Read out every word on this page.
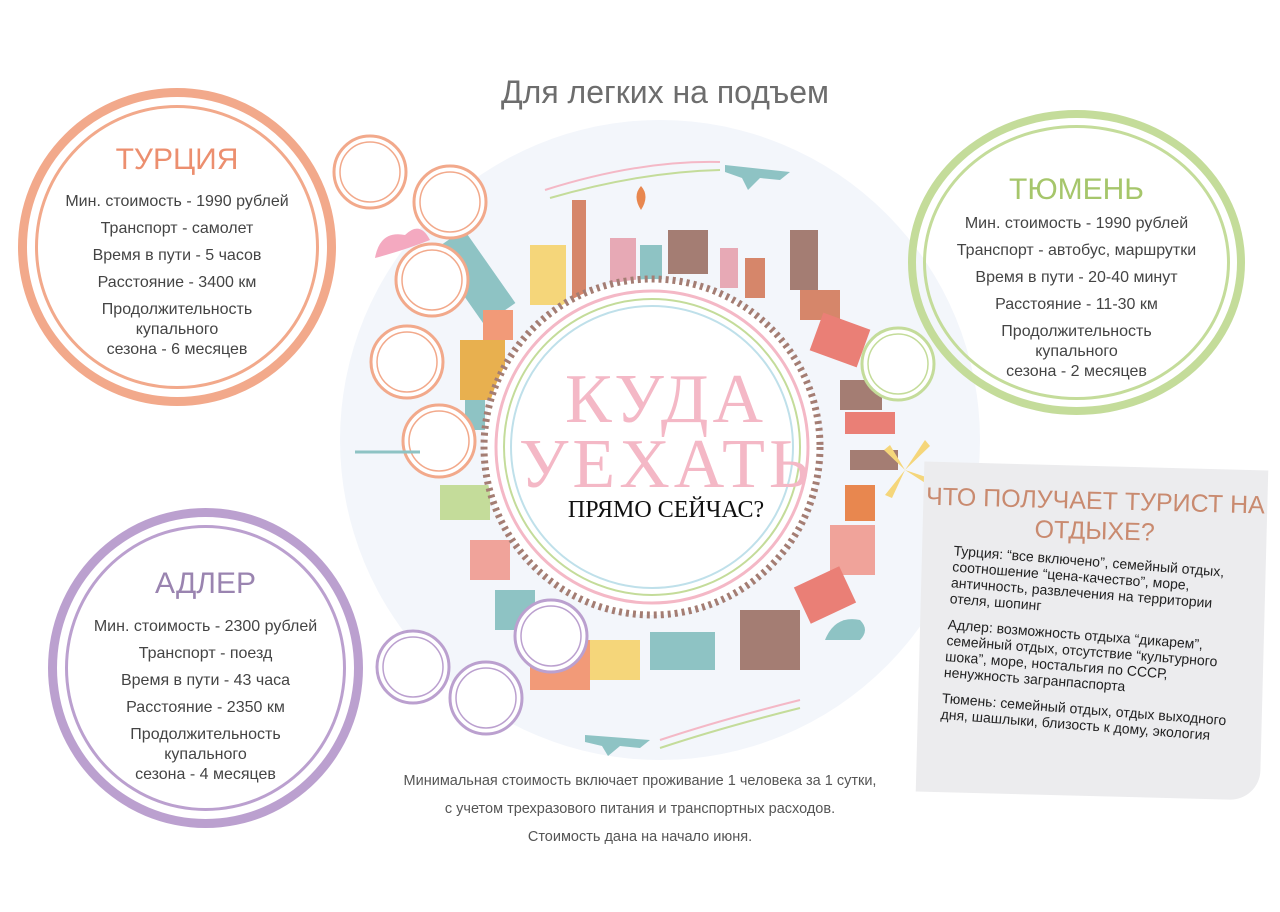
Для легких на подъем
КУДА
УЕХАТЬ
ПРЯМО СЕЙЧАС?
ТУРЦИЯ
Мин. стоимость - 1990 рублей
Транспорт - самолет
Время в пути - 5 часов
Расстояние - 3400 км
Продолжительность
купального
сезона - 6 месяцев
ТЮМЕНЬ
Мин. стоимость - 1990 рублей
Транспорт - автобус, маршрутки
Время в пути - 20-40 минут
Расстояние - 11-30 км
Продолжительность
купального
сезона - 2 месяцев
АДЛЕР
Мин. стоимость - 2300 рублей
Транспорт - поезд
Время в пути - 43 часа
Расстояние - 2350 км
Продолжительность
купального
сезона - 4 месяцев
ЧТО ПОЛУЧАЕТ ТУРИСТ НА ОТДЫХЕ?
Турция: “все включено”, семейный отдых, соотношение “цена-качество”, море, античность, развлечения на территории отеля, шопинг
Адлер: возможность отдыха “дикарем”, семейный отдых, отсутствие “культурного шока”, море, ностальгия по СССР, ненужность загранпаспорта
Тюмень: семейный отдых, отдых выходного дня, шашлыки, близость к дому, экология
Минимальная стоимость включает проживание 1 человека за 1 сутки,
с учетом трехразового питания и транспортных расходов.
Стоимость дана на начало июня.
